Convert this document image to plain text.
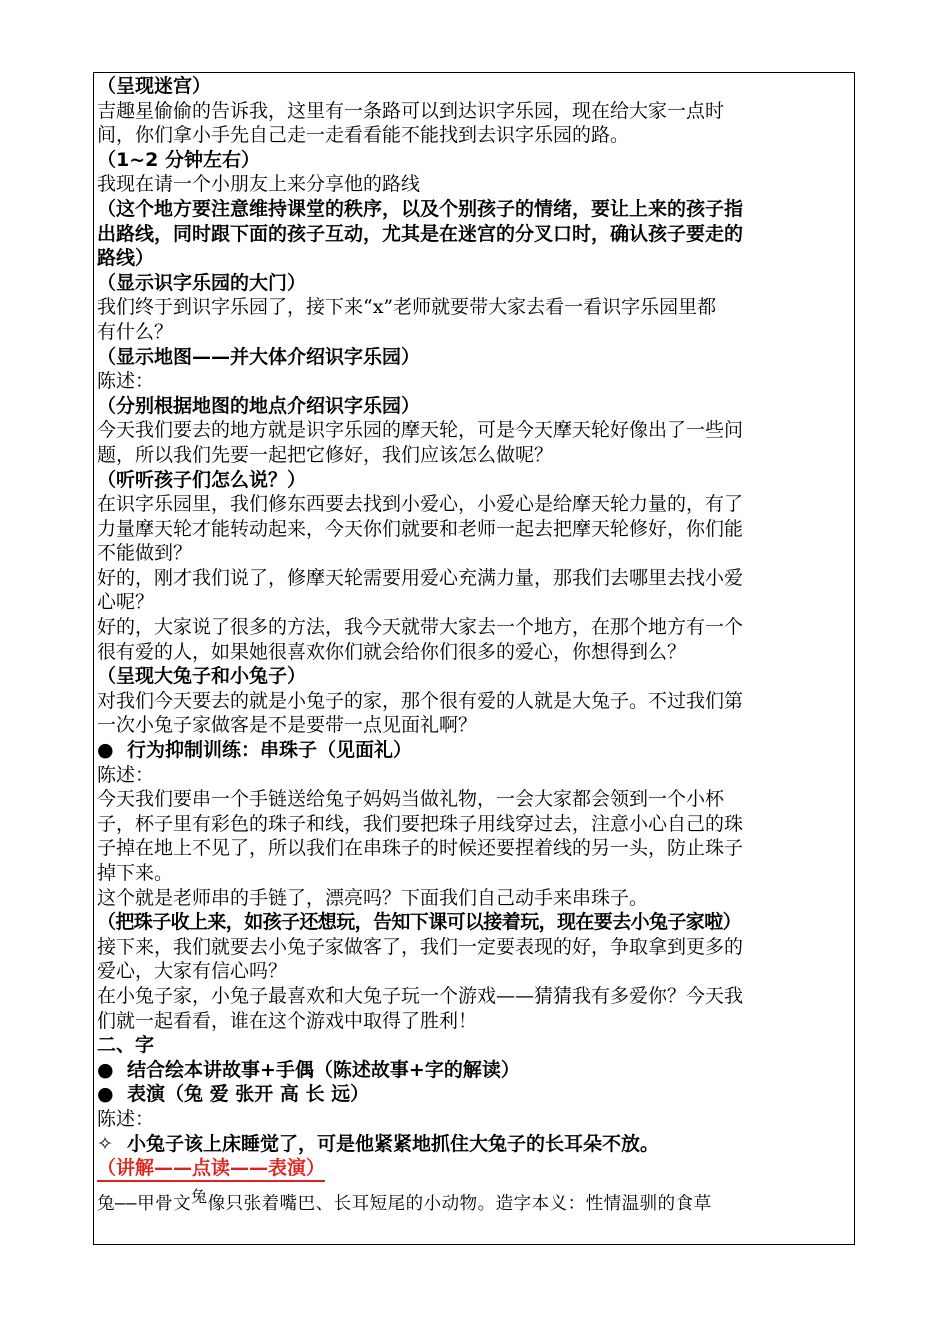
（呈现迷宫）
吉趣星偷偷的告诉我，这里有一条路可以到达识字乐园，现在给大家一点时
间，你们拿小手先自己走一走看看能不能找到去识字乐园的路。
（1~2 分钟左右）
我现在请一个小朋友上来分享他的路线
（这个地方要注意维持课堂的秩序，以及个别孩子的情绪，要让上来的孩子指
出路线，同时跟下面的孩子互动，尤其是在迷宫的分叉口时，确认孩子要走的
路线）
（显示识字乐园的大门）
我们终于到识字乐园了，接下来“x”老师就要带大家去看一看识字乐园里都
有什么？
（显示地图——并大体介绍识字乐园）
陈述：
（分别根据地图的地点介绍识字乐园）
今天我们要去的地方就是识字乐园的摩天轮，可是今天摩天轮好像出了一些问
题，所以我们先要一起把它修好，我们应该怎么做呢？
（听听孩子们怎么说？）
在识字乐园里，我们修东西要去找到小爱心，小爱心是给摩天轮力量的，有了
力量摩天轮才能转动起来，今天你们就要和老师一起去把摩天轮修好，你们能
不能做到？
好的，刚才我们说了，修摩天轮需要用爱心充满力量，那我们去哪里去找小爱
心呢？
好的，大家说了很多的方法，我今天就带大家去一个地方，在那个地方有一个
很有爱的人，如果她很喜欢你们就会给你们很多的爱心，你想得到么？
（呈现大兔子和小兔子）
对我们今天要去的就是小兔子的家，那个很有爱的人就是大兔子。不过我们第
一次小兔子家做客是不是要带一点见面礼啊？
● 行为抑制训练：串珠子（见面礼）
陈述：
今天我们要串一个手链送给兔子妈妈当做礼物，一会大家都会领到一个小杯
子，杯子里有彩色的珠子和线，我们要把珠子用线穿过去，注意小心自己的珠
子掉在地上不见了，所以我们在串珠子的时候还要捏着线的另一头，防止珠子
掉下来。
这个就是老师串的手链了，漂亮吗？下面我们自己动手来串珠子。
（把珠子收上来，如孩子还想玩，告知下课可以接着玩，现在要去小兔子家啦）
接下来，我们就要去小兔子家做客了，我们一定要表现的好，争取拿到更多的
爱心，大家有信心吗？
在小兔子家，小兔子最喜欢和大兔子玩一个游戏——猜猜我有多爱你？今天我
们就一起看看，谁在这个游戏中取得了胜利！
二、字
● 结合绘本讲故事+手偶（陈述故事+字的解读）
● 表演（兔 爱 张开 高 长 远）
陈述：
✧ 小兔子该上床睡觉了，可是他紧紧地抓住大兔子的长耳朵不放。
（讲解——点读——表演）
兔——甲骨文兔像只张着嘴巴、长耳短尾的小动物。造字本义：性情温驯的食草
